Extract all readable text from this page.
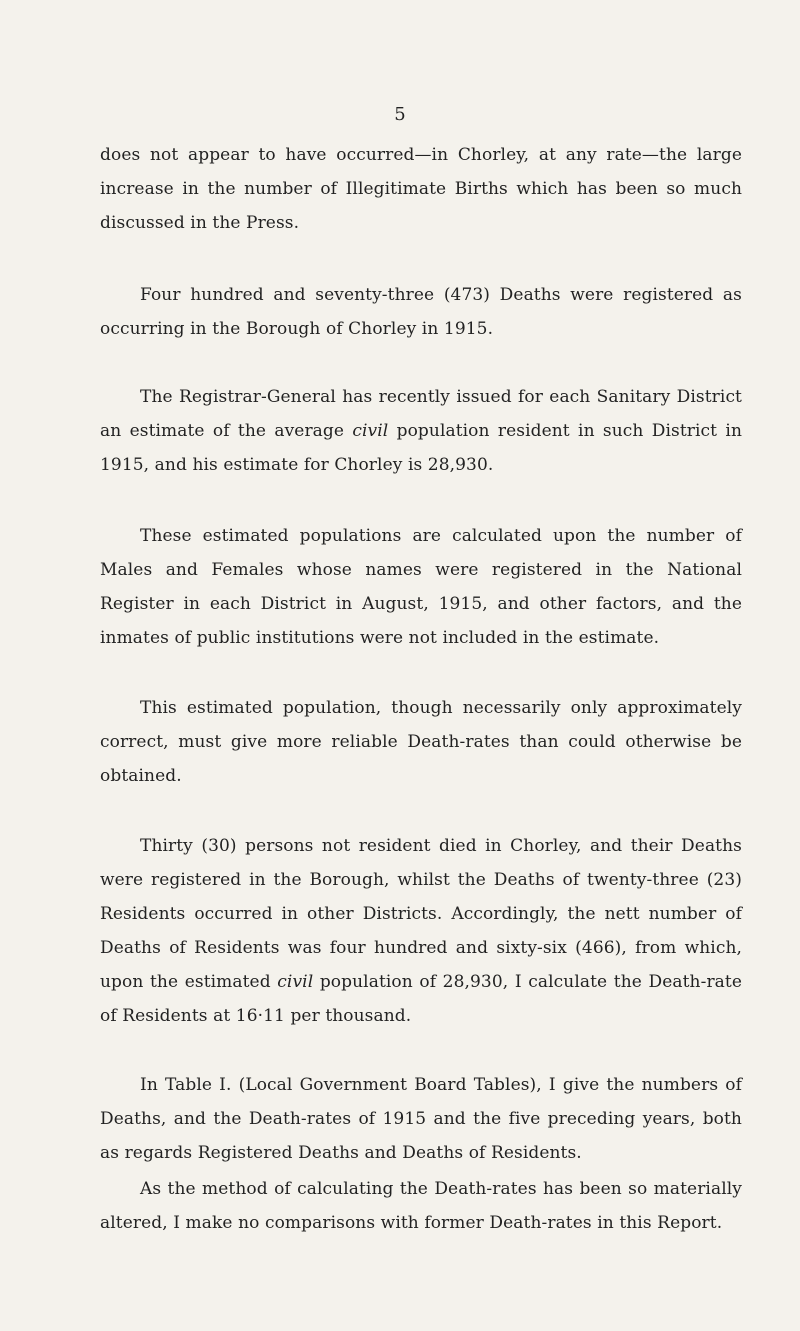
5

does not appear to have occurred—in Chorley, at any rate—the large increase in the number of Illegitimate Births which has been so much discussed in the Press.

Four hundred and seventy-three (473) Deaths were registered as occurring in the Borough of Chorley in 1915.

The Registrar-General has recently issued for each Sanitary District an estimate of the average civil population resident in such District in 1915, and his estimate for Chorley is 28,930.

These estimated populations are calculated upon the number of Males and Females whose names were registered in the National Register in each District in August, 1915, and other factors, and the inmates of public institutions were not included in the estimate.

This estimated population, though necessarily only approximately correct, must give more reliable Death-rates than could otherwise be obtained.

Thirty (30) persons not resident died in Chorley, and their Deaths were registered in the Borough, whilst the Deaths of twenty-three (23) Residents occurred in other Districts. Accordingly, the nett number of Deaths of Residents was four hundred and sixty-six (466), from which, upon the estimated civil population of 28,930, I calculate the Death-rate of Residents at 16·11 per thousand.

In Table I. (Local Government Board Tables), I give the numbers of Deaths, and the Death-rates of 1915 and the five preceding years, both as regards Registered Deaths and Deaths of Residents.

As the method of calculating the Death-rates has been so materially altered, I make no comparisons with former Death-rates in this Report.
